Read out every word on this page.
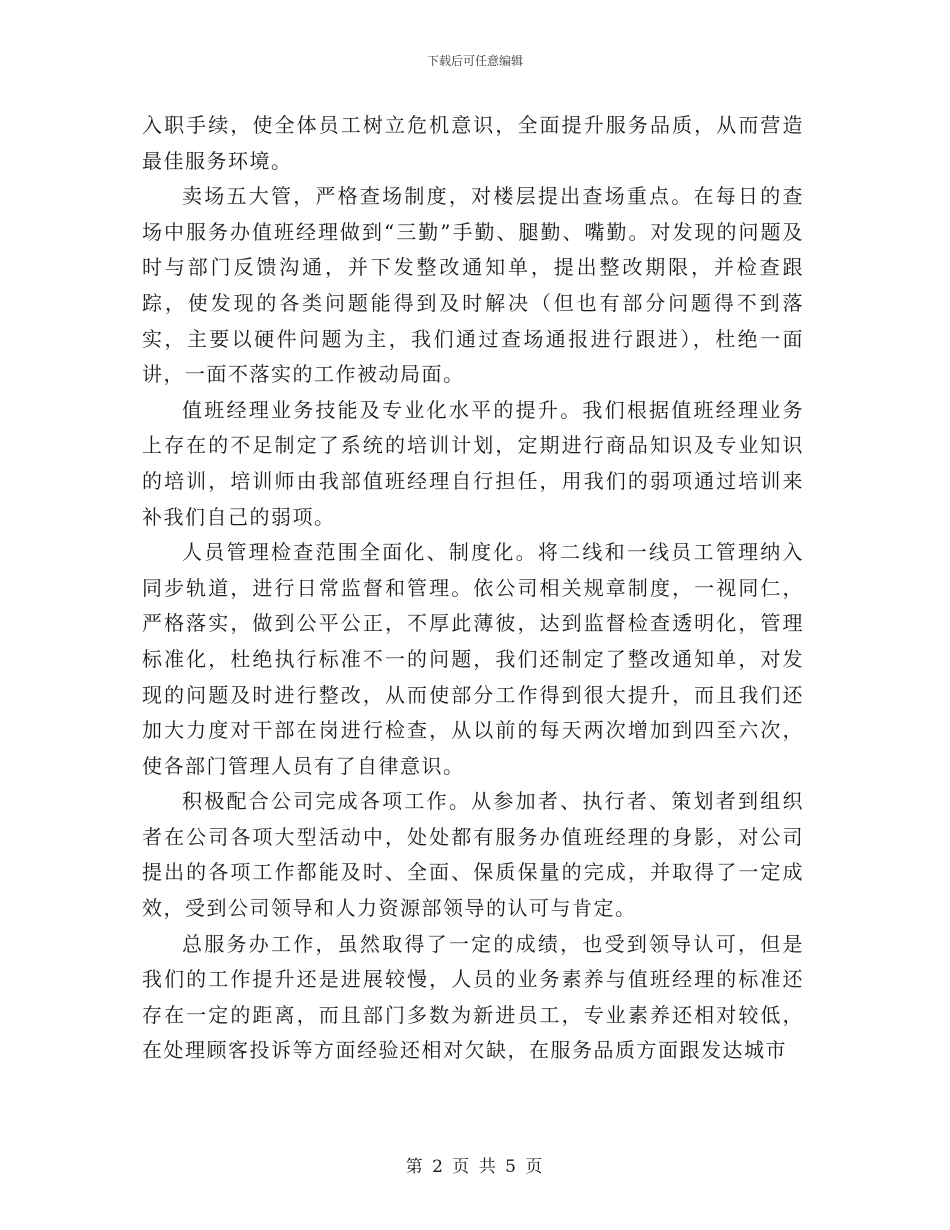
下载后可任意编辑

入职手续，使全体员工树立危机意识，全面提升服务品质，从而营造最佳服务环境。

卖场五大管，严格查场制度，对楼层提出查场重点。在每日的查场中服务办值班经理做到“三勤”手勤、腿勤、嘴勤。对发现的问题及时与部门反馈沟通，并下发整改通知单，提出整改期限，并检查跟踪，使发现的各类问题能得到及时解决（但也有部分问题得不到落实，主要以硬件问题为主，我们通过查场通报进行跟进），杜绝一面讲，一面不落实的工作被动局面。

值班经理业务技能及专业化水平的提升。我们根据值班经理业务上存在的不足制定了系统的培训计划，定期进行商品知识及专业知识的培训，培训师由我部值班经理自行担任，用我们的弱项通过培训来补我们自己的弱项。

人员管理检查范围全面化、制度化。将二线和一线员工管理纳入同步轨道，进行日常监督和管理。依公司相关规章制度，一视同仁，严格落实，做到公平公正，不厚此薄彼，达到监督检查透明化，管理标准化，杜绝执行标准不一的问题，我们还制定了整改通知单，对发现的问题及时进行整改，从而使部分工作得到很大提升，而且我们还加大力度对干部在岗进行检查，从以前的每天两次增加到四至六次，使各部门管理人员有了自律意识。

积极配合公司完成各项工作。从参加者、执行者、策划者到组织者在公司各项大型活动中，处处都有服务办值班经理的身影，对公司提出的各项工作都能及时、全面、保质保量的完成，并取得了一定成效，受到公司领导和人力资源部领导的认可与肯定。

总服务办工作，虽然取得了一定的成绩，也受到领导认可，但是我们的工作提升还是进展较慢，人员的业务素养与值班经理的标准还存在一定的距离，而且部门多数为新进员工，专业素养还相对较低，在处理顾客投诉等方面经验还相对欠缺，在服务品质方面跟发达城市

第 2 页 共 5 页
